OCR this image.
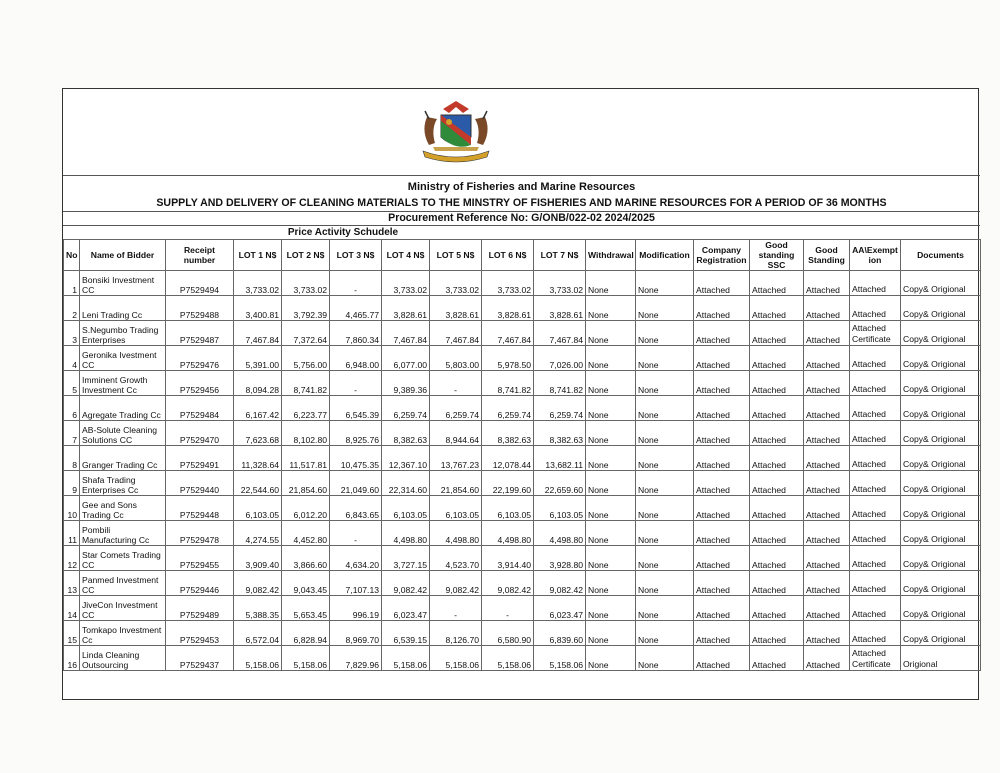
Ministry of Fisheries and Marine Resources
SUPPLY AND DELIVERY OF CLEANING MATERIALS TO THE MINSTRY OF FISHERIES AND MARINE RESOURCES FOR A PERIOD OF 36 MONTHS
Procurement Reference No: G/ONB/022-02 2024/2025
Price Activity Schudele
No	Name of Bidder	Receipt number	LOT 1 N$	LOT 2 N$	LOT 3 N$	LOT 4 N$	LOT 5 N$	LOT 6 N$	LOT 7 N$	Withdrawal	Modification	Company Registration	Good standing SSC	Good Standing	AA\Exempt ion	Documents
1	Bonsiki Investment CC	P7529494	3,733.02	3,733.02	-	3,733.02	3,733.02	3,733.02	3,733.02	None	None	Attached	Attached	Attached	Attached	Copy& Origional
2	Leni Trading Cc	P7529488	3,400.81	3,792.39	4,465.77	3,828.61	3,828.61	3,828.61	3,828.61	None	None	Attached	Attached	Attached	Attached	Copy& Origional
3	S.Negumbo Trading Enterprises	P7529487	7,467.84	7,372.64	7,860.34	7,467.84	7,467.84	7,467.84	7,467.84	None	None	Attached	Attached	Attached	Attached Certificate	Copy& Origional
4	Geronika Ivestment CC	P7529476	5,391.00	5,756.00	6,948.00	6,077.00	5,803.00	5,978.50	7,026.00	None	None	Attached	Attached	Attached	Attached	Copy& Origional
5	Imminent Growth Investment Cc	P7529456	8,094.28	8,741.82	-	9,389.36	-	8,741.82	8,741.82	None	None	Attached	Attached	Attached	Attached	Copy& Origional
6	Agregate Trading Cc	P7529484	6,167.42	6,223.77	6,545.39	6,259.74	6,259.74	6,259.74	6,259.74	None	None	Attached	Attached	Attached	Attached	Copy& Origional
7	AB-Solute Cleaning Solutions CC	P7529470	7,623.68	8,102.80	8,925.76	8,382.63	8,944.64	8,382.63	8,382.63	None	None	Attached	Attached	Attached	Attached	Copy& Origional
8	Granger Trading Cc	P7529491	11,328.64	11,517.81	10,475.35	12,367.10	13,767.23	12,078.44	13,682.11	None	None	Attached	Attached	Attached	Attached	Copy& Origional
9	Shafa Trading Enterprises Cc	P7529440	22,544.60	21,854.60	21,049.60	22,314.60	21,854.60	22,199.60	22,659.60	None	None	Attached	Attached	Attached	Attached	Copy& Origional
10	Gee and Sons Trading Cc	P7529448	6,103.05	6,012.20	6,843.65	6,103.05	6,103.05	6,103.05	6,103.05	None	None	Attached	Attached	Attached	Attached	Copy& Origional
11	Pombili Manufacturing Cc	P7529478	4,274.55	4,452.80	-	4,498.80	4,498.80	4,498.80	4,498.80	None	None	Attached	Attached	Attached	Attached	Copy& Origional
12	Star Comets Trading CC	P7529455	3,909.40	3,866.60	4,634.20	3,727.15	4,523.70	3,914.40	3,928.80	None	None	Attached	Attached	Attached	Attached	Copy& Origional
13	Panmed Investment CC	P7529446	9,082.42	9,043.45	7,107.13	9,082.42	9,082.42	9,082.42	9,082.42	None	None	Attached	Attached	Attached	Attached	Copy& Origional
14	JiveCon Investment CC	P7529489	5,388.35	5,653.45	996.19	6,023.47	-	-	6,023.47	None	None	Attached	Attached	Attached	Attached	Copy& Origional
15	Tomkapo Investment Cc	P7529453	6,572.04	6,828.94	8,969.70	6,539.15	8,126.70	6,580.90	6,839.60	None	None	Attached	Attached	Attached	Attached	Copy& Origional
16	Linda Cleaning Outsourcing	P7529437	5,158.06	5,158.06	7,829.96	5,158.06	5,158.06	5,158.06	5,158.06	None	None	Attached	Attached	Attached	Attached Certificate	Origional
